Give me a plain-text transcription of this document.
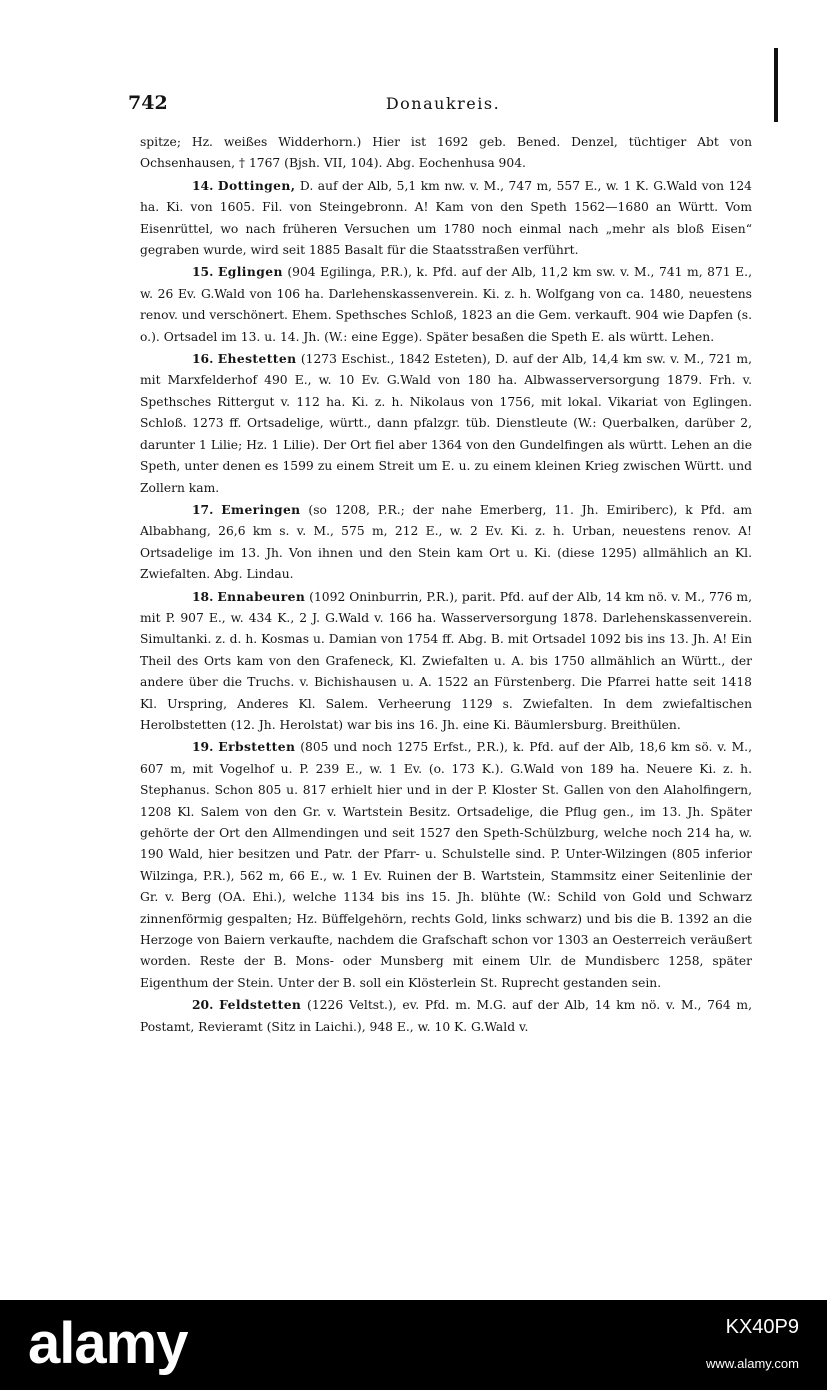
742	Donaukreis.

spitze; Hz. weißes Widderhorn.) Hier ist 1692 geb. Bened. Denzel, tüchtiger Abt von Ochsenhausen, † 1767 (Bjsh. VII, 104). Abg. Eochenhusa 904.

14. Dottingen, D. auf der Alb, 5,1 km nw. v. M., 747 m, 557 E., w. 1 K. G.Wald von 124 ha. Ki. von 1605. Fil. von Steingebronn. A! Kam von den Speth 1562—1680 an Württ. Vom Eisenrüttel, wo nach früheren Versuchen um 1780 noch einmal nach „mehr als bloß Eisen“ gegraben wurde, wird seit 1885 Basalt für die Staatsstraßen verführt.

15. Eglingen (904 Egilinga, P.R.), k. Pfd. auf der Alb, 11,2 km sw. v. M., 741 m, 871 E., w. 26 Ev. G.Wald von 106 ha. Darlehenskassenverein. Ki. z. h. Wolfgang von ca. 1480, neuestens renov. und verschönert. Ehem. Spethsches Schloß, 1823 an die Gem. verkauft. 904 wie Dapfen (s. o.). Ortsadel im 13. u. 14. Jh. (W.: eine Egge). Später besaßen die Speth E. als württ. Lehen.

16. Ehestetten (1273 Eschist., 1842 Esteten), D. auf der Alb, 14,4 km sw. v. M., 721 m, mit Marxfelderhof 490 E., w. 10 Ev. G.Wald von 180 ha. Albwasserversorgung 1879. Frh. v. Spethsches Rittergut v. 112 ha. Ki. z. h. Nikolaus von 1756, mit lokal. Vikariat von Eglingen. Schloß. 1273 ff. Ortsadelige, württ., dann pfalzgr. tüb. Dienstleute (W.: Querbalken, darüber 2, darunter 1 Lilie; Hz. 1 Lilie). Der Ort fiel aber 1364 von den Gundelfingen als württ. Lehen an die Speth, unter denen es 1599 zu einem Streit um E. u. zu einem kleinen Krieg zwischen Württ. und Zollern kam.

17. Emeringen (so 1208, P.R.; der nahe Emerberg, 11. Jh. Emiriberc), k Pfd. am Albabhang, 26,6 km s. v. M., 575 m, 212 E., w. 2 Ev. Ki. z. h. Urban, neuestens renov. A! Ortsadelige im 13. Jh. Von ihnen und den Stein kam Ort u. Ki. (diese 1295) allmählich an Kl. Zwiefalten. Abg. Lindau.

18. Ennabeuren (1092 Oninburrin, P.R.), parit. Pfd. auf der Alb, 14 km nö. v. M., 776 m, mit P. 907 E., w. 434 K., 2 J. G.Wald v. 166 ha. Wasserversorgung 1878. Darlehenskassenverein. Simultanki. z. d. h. Kosmas u. Damian von 1754 ff. Abg. B. mit Ortsadel 1092 bis ins 13. Jh. A! Ein Theil des Orts kam von den Grafeneck, Kl. Zwiefalten u. A. bis 1750 allmählich an Württ., der andere über die Truchs. v. Bichishausen u. A. 1522 an Fürstenberg. Die Pfarrei hatte seit 1418 Kl. Urspring, Anderes Kl. Salem. Verheerung 1129 s. Zwiefalten. In dem zwiefaltischen Herolbstetten (12. Jh. Herolstat) war bis ins 16. Jh. eine Ki. Bäumlersburg. Breithülen.

19. Erbstetten (805 und noch 1275 Erfst., P.R.), k. Pfd. auf der Alb, 18,6 km sö. v. M., 607 m, mit Vogelhof u. P. 239 E., w. 1 Ev. (o. 173 K.). G.Wald von 189 ha. Neuere Ki. z. h. Stephanus. Schon 805 u. 817 erhielt hier und in der P. Kloster St. Gallen von den Alaholfingern, 1208 Kl. Salem von den Gr. v. Wartstein Besitz. Ortsadelige, die Pflug gen., im 13. Jh. Später gehörte der Ort den Allmendingen und seit 1527 den Speth-Schülzburg, welche noch 214 ha, w. 190 Wald, hier besitzen und Patr. der Pfarr- u. Schulstelle sind. P. Unter-Wilzingen (805 inferior Wilzinga, P.R.), 562 m, 66 E., w. 1 Ev. Ruinen der B. Wartstein, Stammsitz einer Seitenlinie der Gr. v. Berg (OA. Ehi.), welche 1134 bis ins 15. Jh. blühte (W.: Schild von Gold und Schwarz zinnenförmig gespalten; Hz. Büffelgehörn, rechts Gold, links schwarz) und bis die B. 1392 an die Herzoge von Baiern verkaufte, nachdem die Grafschaft schon vor 1303 an Oesterreich veräußert worden. Reste der B. Mons- oder Munsberg mit einem Ulr. de Mundisberc 1258, später Eigenthum der Stein. Unter der B. soll ein Klösterlein St. Ruprecht gestanden sein.

20. Feldstetten (1226 Veltst.), ev. Pfd. m. M.G. auf der Alb, 14 km nö. v. M., 764 m, Postamt, Revieramt (Sitz in Laichi.), 948 E., w. 10 K. G.Wald v.

alamy	KX40P9
www.alamy.com
